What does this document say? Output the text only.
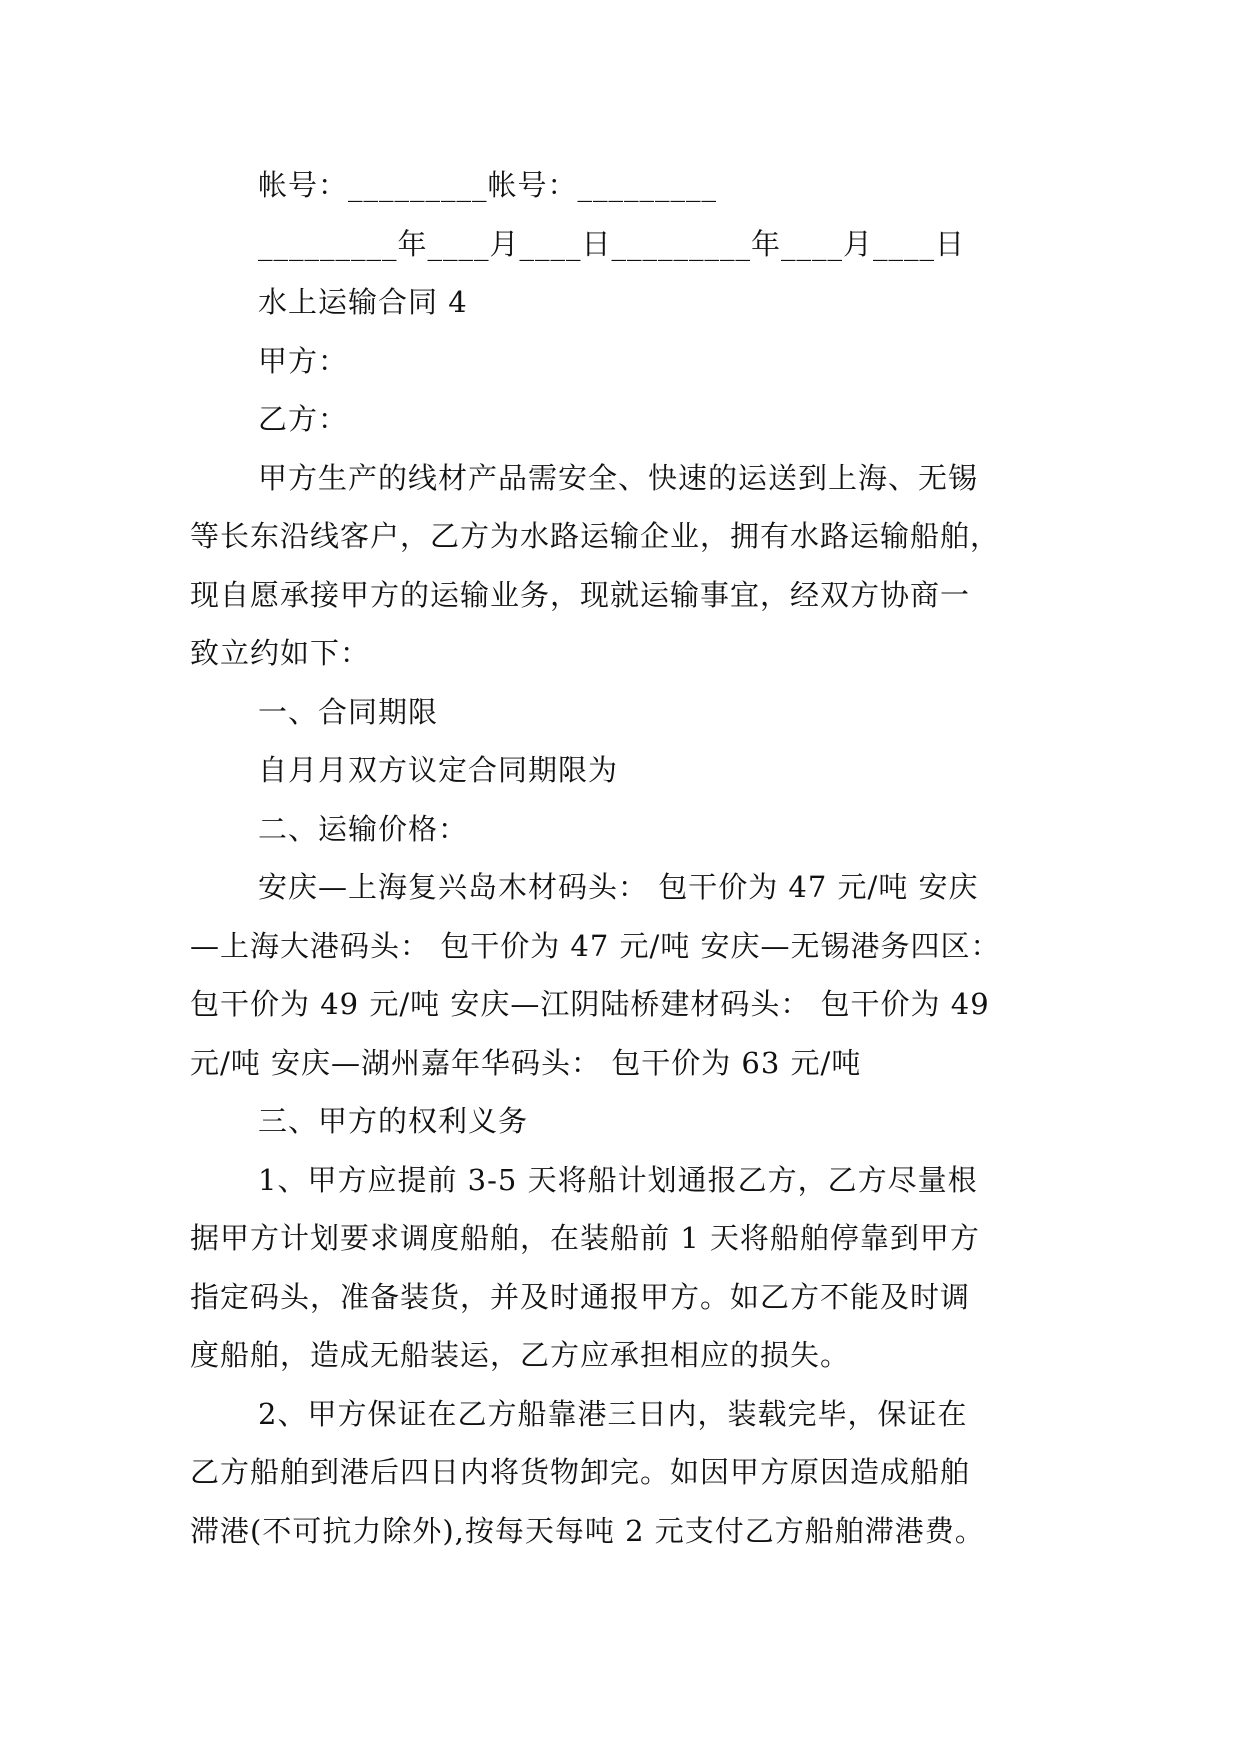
帐号：_________帐号：_________
_________年____月____日_________年____月____日
水上运输合同 4
甲方：
乙方：
甲方生产的线材产品需安全、快速的运送到上海、无锡
等长东沿线客户，乙方为水路运输企业，拥有水路运输船舶，
现自愿承接甲方的运输业务，现就运输事宜，经双方协商一
致立约如下：
一、合同期限
自月月双方议定合同期限为
二、运输价格：
安庆—上海复兴岛木材码头： 包干价为 47 元/吨 安庆
—上海大港码头： 包干价为 47 元/吨 安庆—无锡港务四区：
包干价为 49 元/吨 安庆—江阴陆桥建材码头： 包干价为 49
元/吨 安庆—湖州嘉年华码头： 包干价为 63 元/吨
三、甲方的权利义务
1、甲方应提前 3-5 天将船计划通报乙方，乙方尽量根
据甲方计划要求调度船舶，在装船前 1 天将船舶停靠到甲方
指定码头，准备装货，并及时通报甲方。如乙方不能及时调
度船舶，造成无船装运，乙方应承担相应的损失。
2、甲方保证在乙方船靠港三日内，装载完毕，保证在
乙方船舶到港后四日内将货物卸完。如因甲方原因造成船舶
滞港(不可抗力除外),按每天每吨 2 元支付乙方船舶滞港费。
